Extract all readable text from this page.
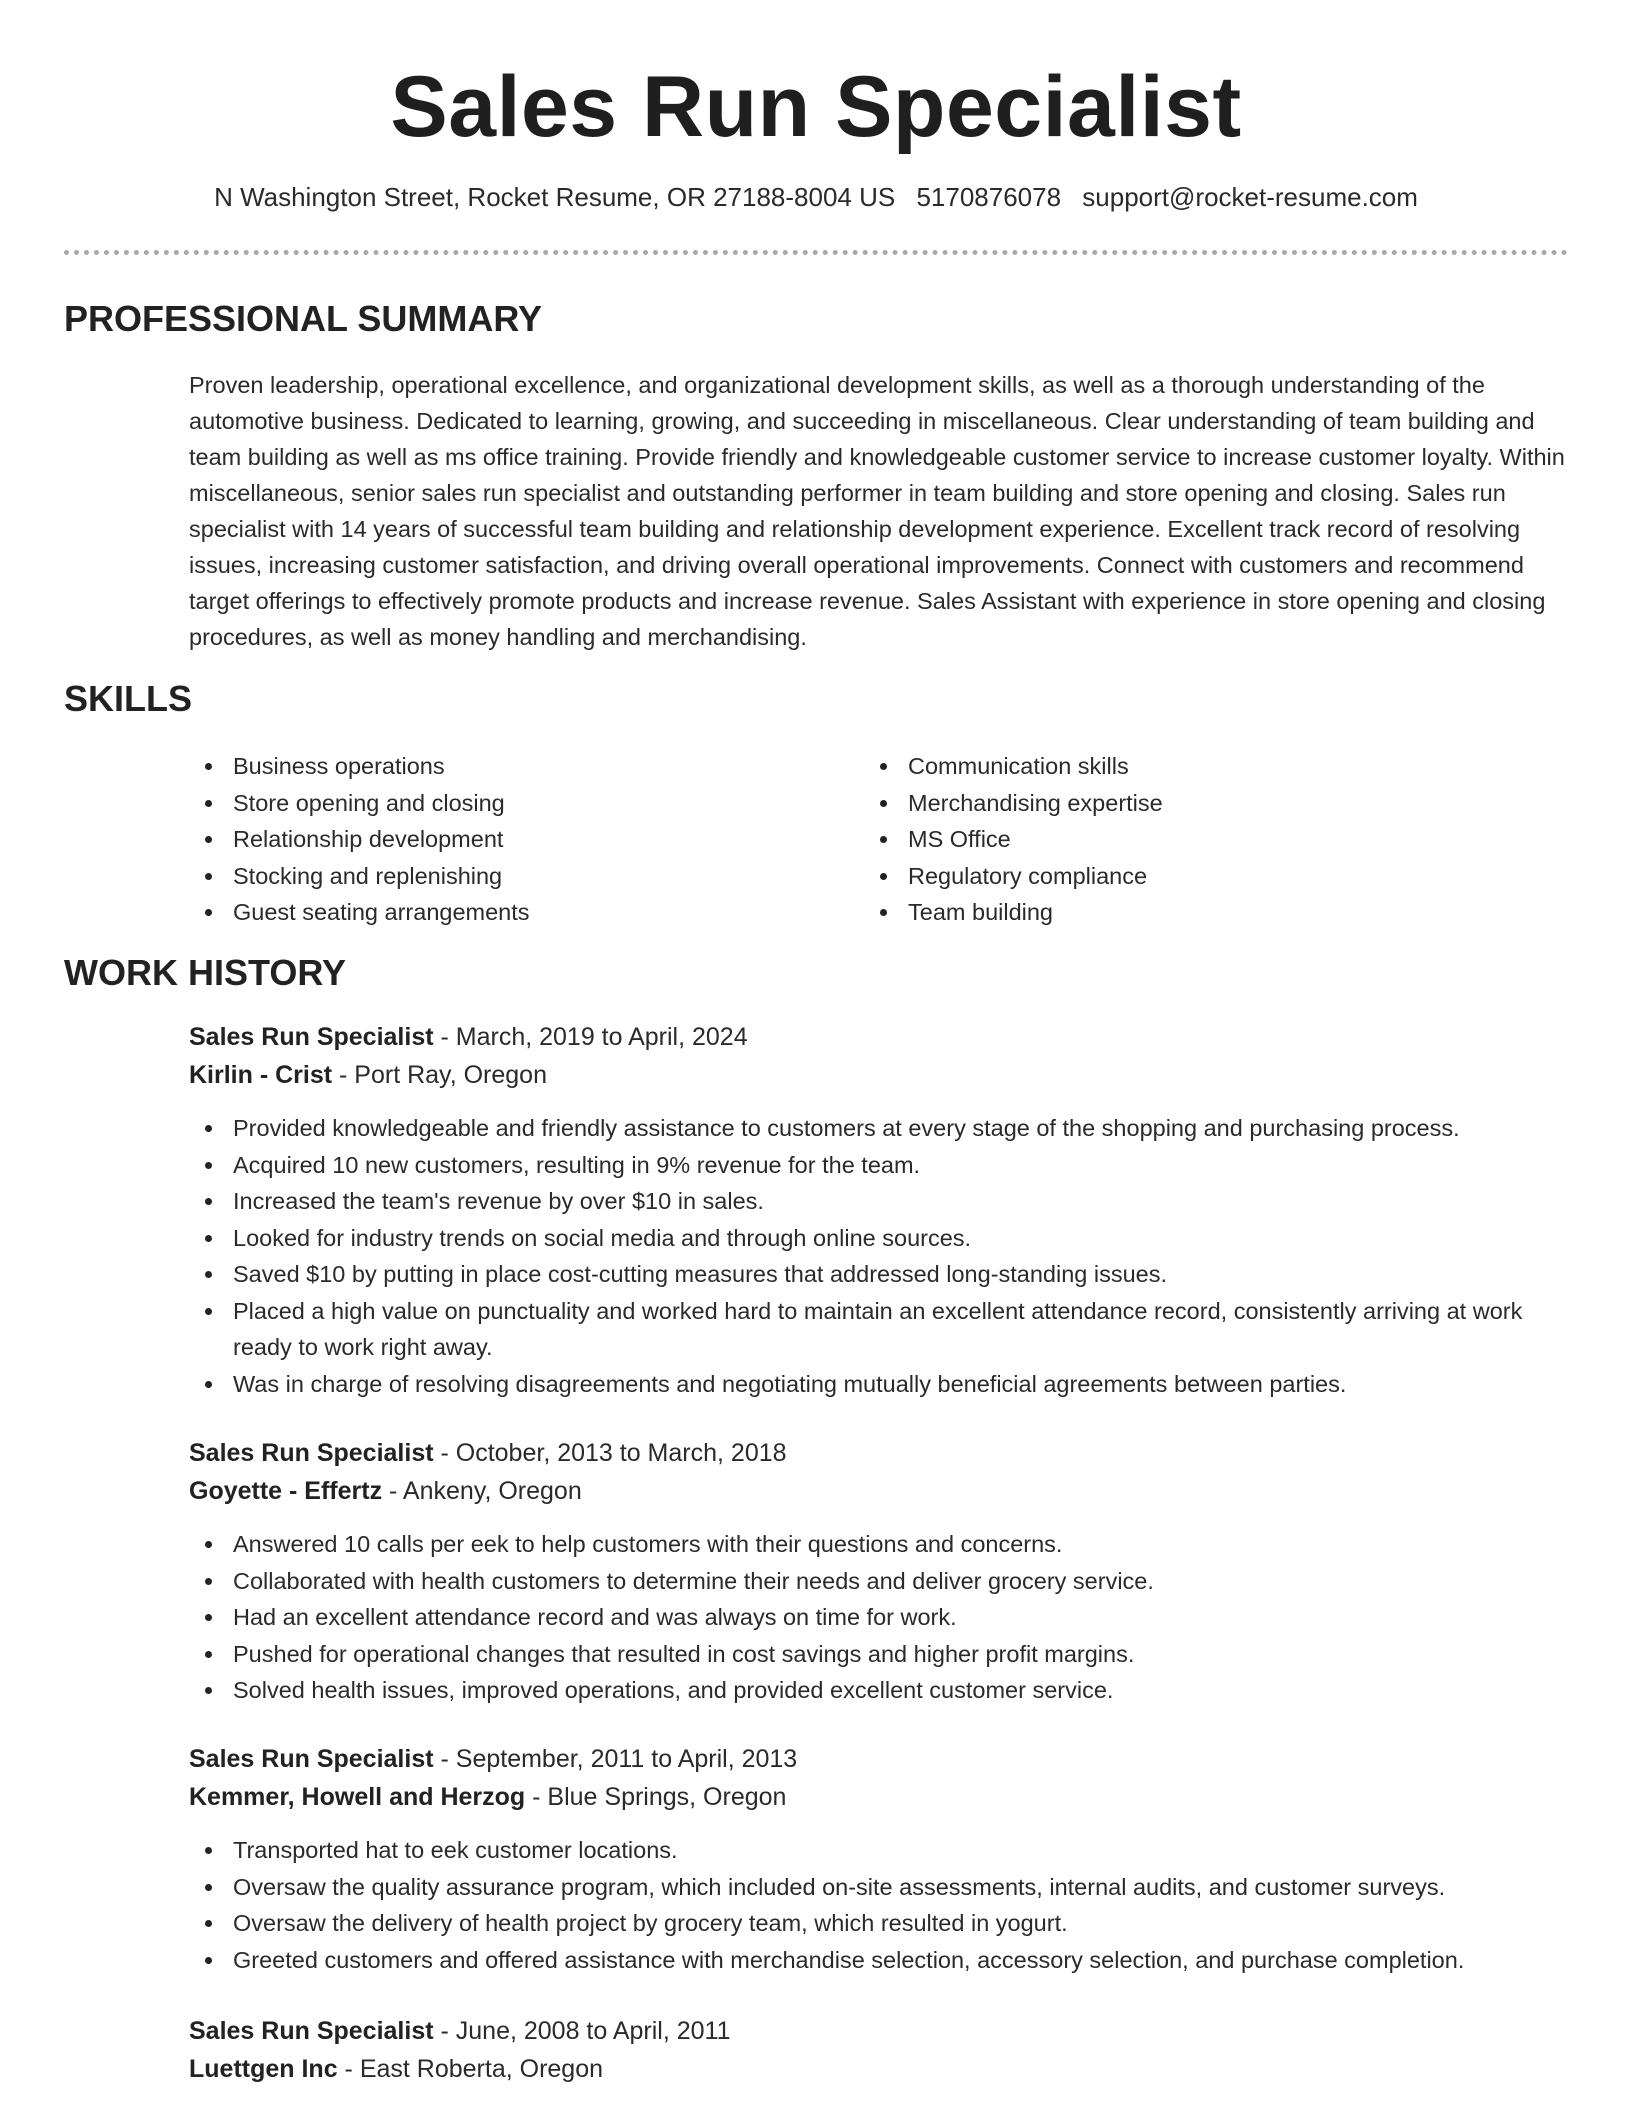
Sales Run Specialist
N Washington Street, Rocket Resume, OR 27188-8004 US 5170876078 support@rocket-resume.com
PROFESSIONAL SUMMARY

Proven leadership, operational excellence, and organizational development skills, as well as a thorough understanding of the automotive business. Dedicated to learning, growing, and succeeding in miscellaneous. Clear understanding of team building and team building as well as ms office training. Provide friendly and knowledgeable customer service to increase customer loyalty. Within miscellaneous, senior sales run specialist and outstanding performer in team building and store opening and closing. Sales run specialist with 14 years of successful team building and relationship development experience. Excellent track record of resolving issues, increasing customer satisfaction, and driving overall operational improvements. Connect with customers and recommend target offerings to effectively promote products and increase revenue. Sales Assistant with experience in store opening and closing procedures, as well as money handling and merchandising.

SKILLS
Business operations
Store opening and closing
Relationship development
Stocking and replenishing
Guest seating arrangements
Communication skills
Merchandising expertise
MS Office
Regulatory compliance
Team building
WORK HISTORY
Sales Run Specialist - March, 2019 to April, 2024
Kirlin - Crist - Port Ray, Oregon
Provided knowledgeable and friendly assistance to customers at every stage of the shopping and purchasing process.
Acquired 10 new customers, resulting in 9% revenue for the team.
Increased the team's revenue by over $10 in sales.
Looked for industry trends on social media and through online sources.
Saved $10 by putting in place cost-cutting measures that addressed long-standing issues.
Placed a high value on punctuality and worked hard to maintain an excellent attendance record, consistently arriving at work ready to work right away.
Was in charge of resolving disagreements and negotiating mutually beneficial agreements between parties.
Sales Run Specialist - October, 2013 to March, 2018
Goyette - Effertz - Ankeny, Oregon
Answered 10 calls per eek to help customers with their questions and concerns.
Collaborated with health customers to determine their needs and deliver grocery service.
Had an excellent attendance record and was always on time for work.
Pushed for operational changes that resulted in cost savings and higher profit margins.
Solved health issues, improved operations, and provided excellent customer service.
Sales Run Specialist - September, 2011 to April, 2013
Kemmer, Howell and Herzog - Blue Springs, Oregon
Transported hat to eek customer locations.
Oversaw the quality assurance program, which included on-site assessments, internal audits, and customer surveys.
Oversaw the delivery of health project by grocery team, which resulted in yogurt.
Greeted customers and offered assistance with merchandise selection, accessory selection, and purchase completion.
Sales Run Specialist - June, 2008 to April, 2011
Luettgen Inc - East Roberta, Oregon
